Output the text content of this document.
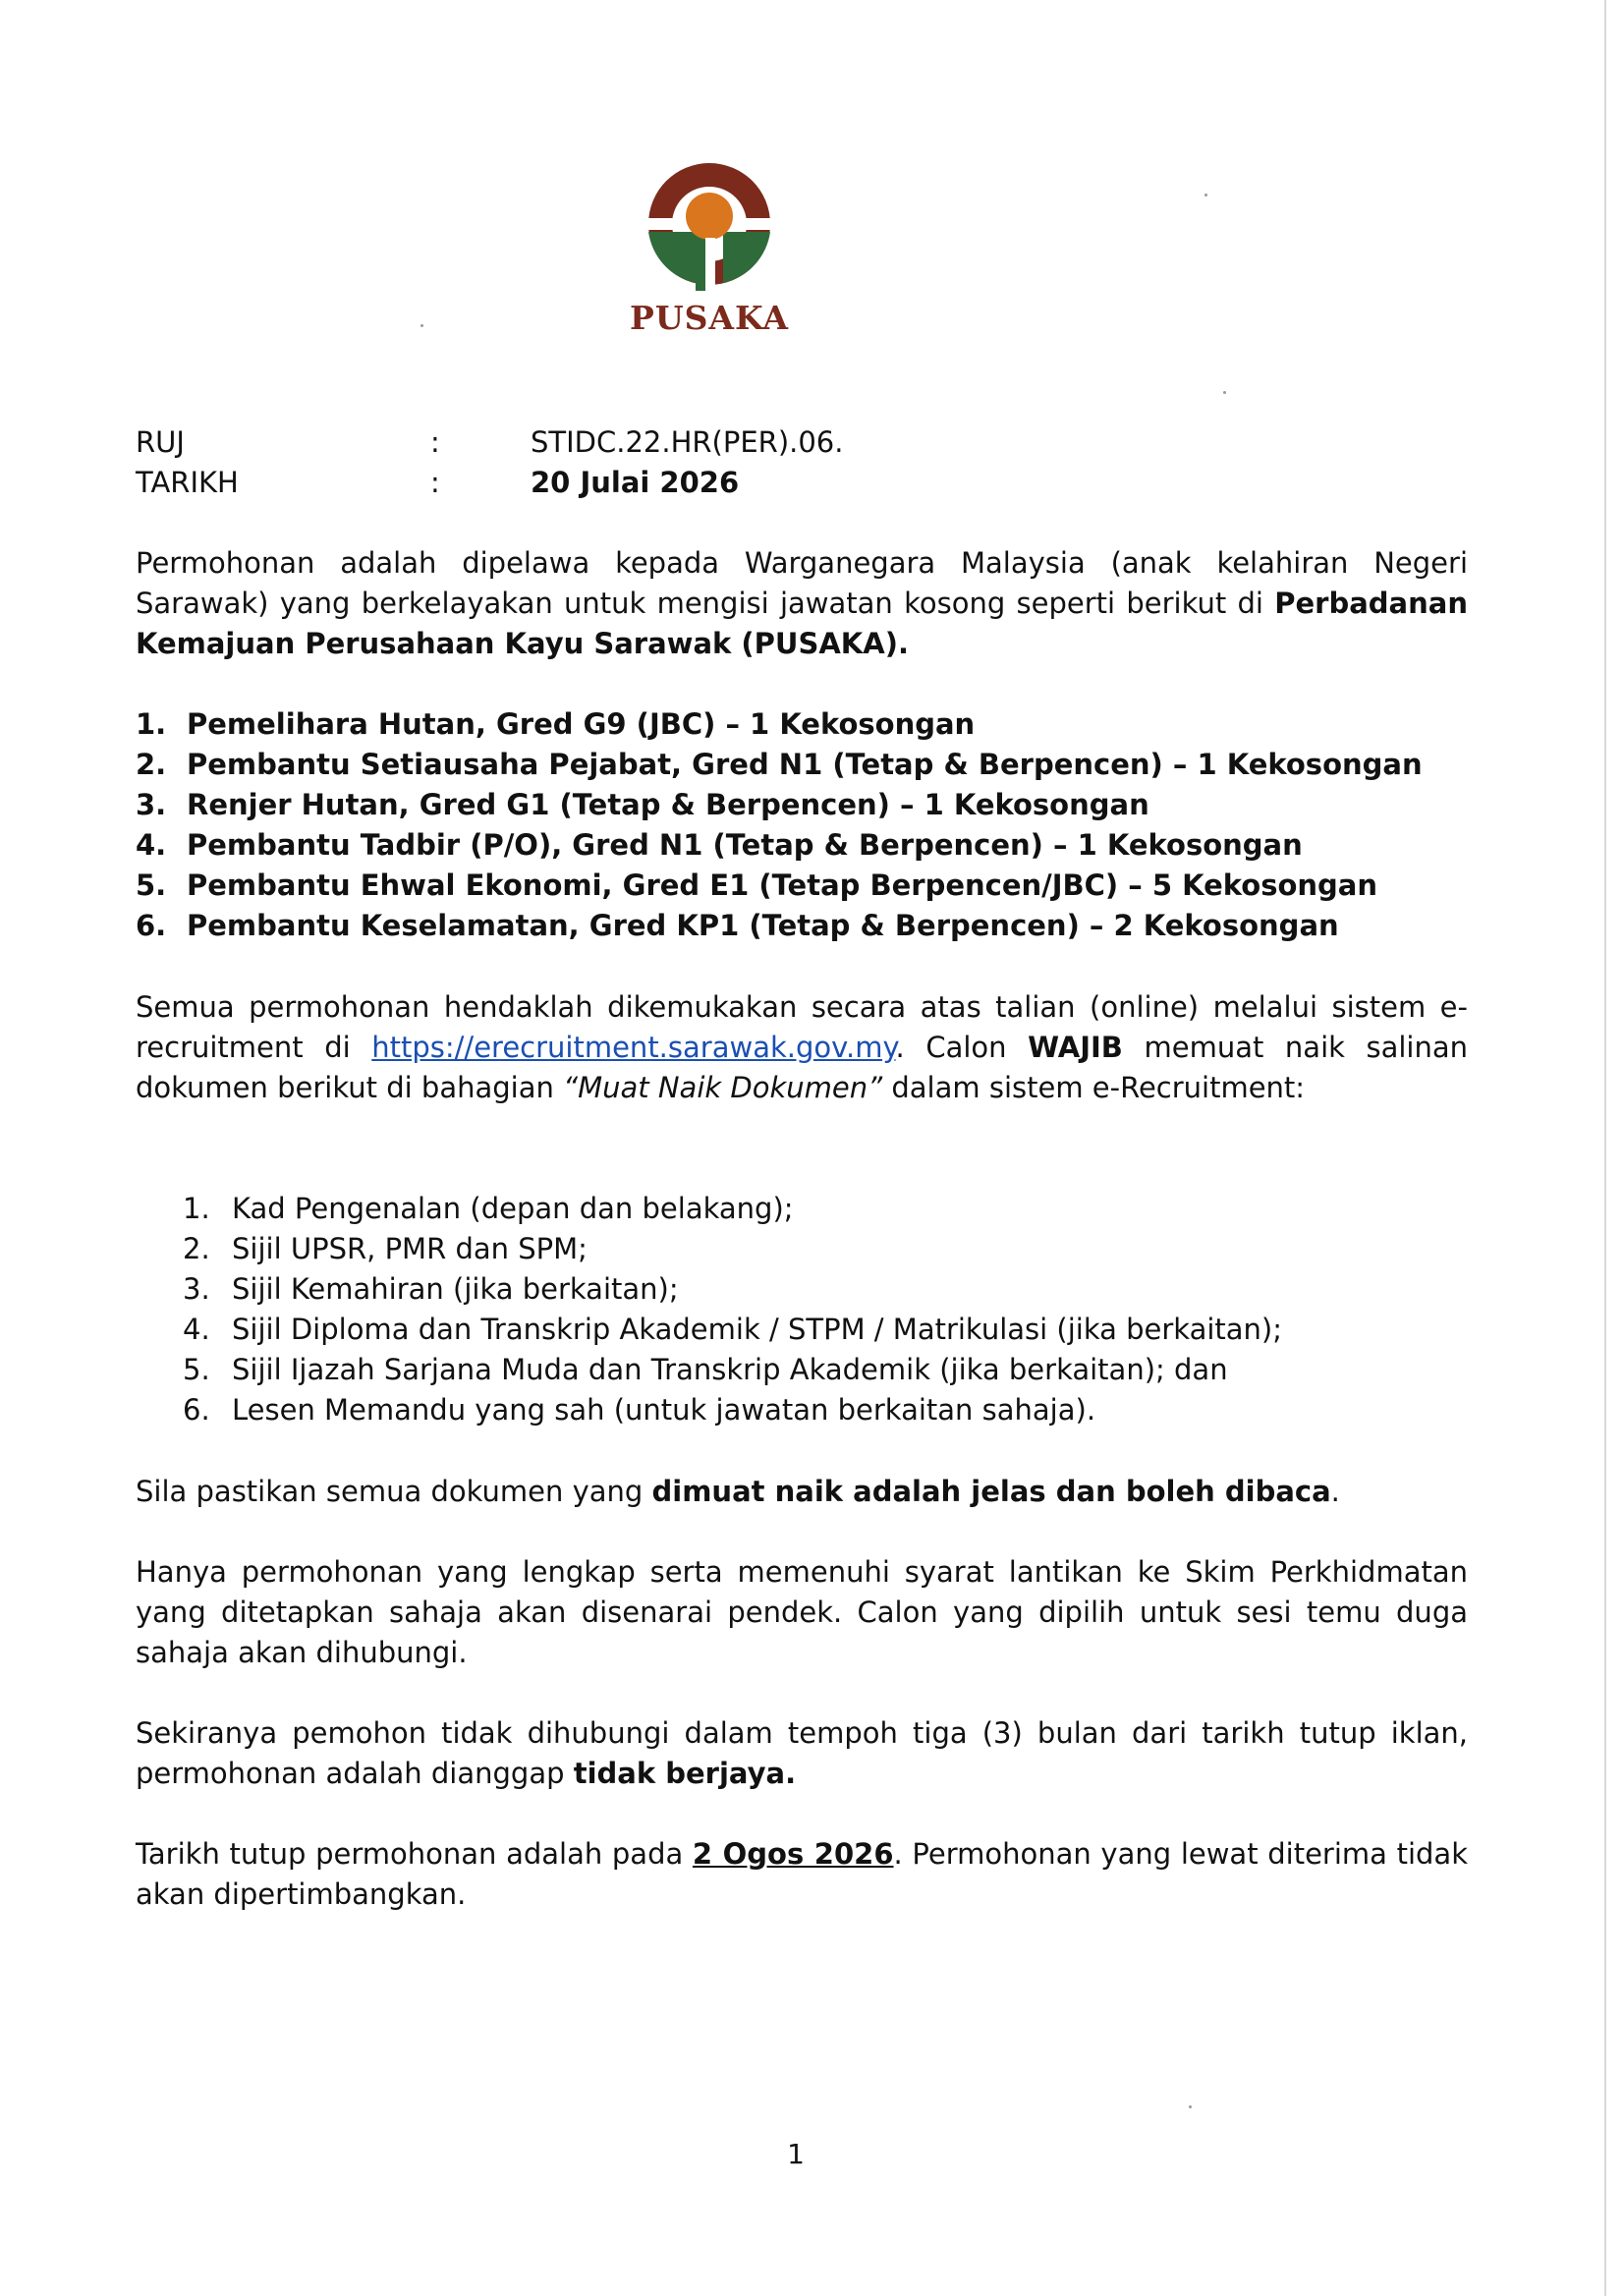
PUSAKA
RUJ	:	STIDC.22.HR(PER).06.
TARIKH	:	20 Julai 2026
Permohonan adalah dipelawa kepada Warganegara Malaysia (anak kelahiran Negeri Sarawak) yang berkelayakan untuk mengisi jawatan kosong seperti berikut di Perbadanan Kemajuan Perusahaan Kayu Sarawak (PUSAKA).
1. Pemelihara Hutan, Gred G9 (JBC) – 1 Kekosongan
2. Pembantu Setiausaha Pejabat, Gred N1 (Tetap & Berpencen) – 1 Kekosongan
3. Renjer Hutan, Gred G1 (Tetap & Berpencen) – 1 Kekosongan
4. Pembantu Tadbir (P/O), Gred N1 (Tetap & Berpencen) – 1 Kekosongan
5. Pembantu Ehwal Ekonomi, Gred E1 (Tetap Berpencen/JBC) – 5 Kekosongan
6. Pembantu Keselamatan, Gred KP1 (Tetap & Berpencen) – 2 Kekosongan
Semua permohonan hendaklah dikemukakan secara atas talian (online) melalui sistem e-recruitment di https://erecruitment.sarawak.gov.my. Calon WAJIB memuat naik salinan dokumen berikut di bahagian “Muat Naik Dokumen” dalam sistem e-Recruitment:
1. Kad Pengenalan (depan dan belakang);
2. Sijil UPSR, PMR dan SPM;
3. Sijil Kemahiran (jika berkaitan);
4. Sijil Diploma dan Transkrip Akademik / STPM / Matrikulasi (jika berkaitan);
5. Sijil Ijazah Sarjana Muda dan Transkrip Akademik (jika berkaitan); dan
6. Lesen Memandu yang sah (untuk jawatan berkaitan sahaja).
Sila pastikan semua dokumen yang dimuat naik adalah jelas dan boleh dibaca.
Hanya permohonan yang lengkap serta memenuhi syarat lantikan ke Skim Perkhidmatan yang ditetapkan sahaja akan disenarai pendek. Calon yang dipilih untuk sesi temu duga sahaja akan dihubungi.
Sekiranya pemohon tidak dihubungi dalam tempoh tiga (3) bulan dari tarikh tutup iklan, permohonan adalah dianggap tidak berjaya.
Tarikh tutup permohonan adalah pada 2 Ogos 2026. Permohonan yang lewat diterima tidak akan dipertimbangkan.
1
